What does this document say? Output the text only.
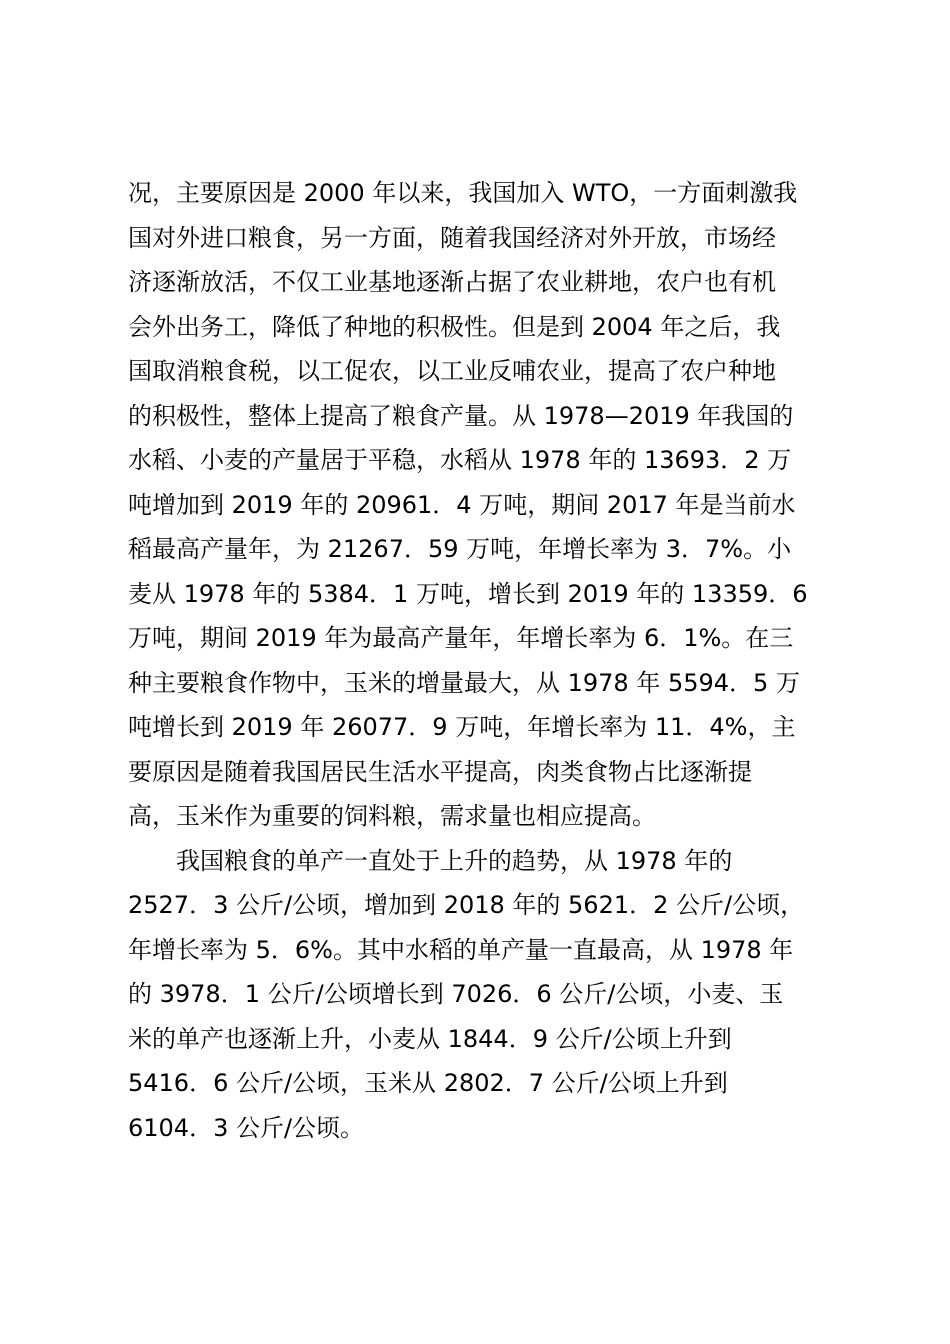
况，主要原因是 2000 年以来，我国加入 WTO，一方面刺激我
国对外进口粮食，另一方面，随着我国经济对外开放，市场经
济逐渐放活，不仅工业基地逐渐占据了农业耕地，农户也有机
会外出务工，降低了种地的积极性。但是到 2004 年之后，我
国取消粮食税，以工促农，以工业反哺农业，提高了农户种地
的积极性，整体上提高了粮食产量。从 1978—2019 年我国的
水稻、小麦的产量居于平稳，水稻从 1978 年的 13693．2 万
吨增加到 2019 年的 20961．4 万吨，期间 2017 年是当前水
稻最高产量年，为 21267．59 万吨，年增长率为 3．7%。小
麦从 1978 年的 5384．1 万吨，增长到 2019 年的 13359．6
万吨，期间 2019 年为最高产量年，年增长率为 6．1%。在三
种主要粮食作物中，玉米的增量最大，从 1978 年 5594．5 万
吨增长到 2019 年 26077．9 万吨，年增长率为 11．4%，主
要原因是随着我国居民生活水平提高，肉类食物占比逐渐提
高，玉米作为重要的饲料粮，需求量也相应提高。
我国粮食的单产一直处于上升的趋势，从 1978 年的
2527．3 公斤/公顷，增加到 2018 年的 5621．2 公斤/公顷，
年增长率为 5．6%。其中水稻的单产量一直最高，从 1978 年
的 3978．1 公斤/公顷增长到 7026．6 公斤/公顷，小麦、玉
米的单产也逐渐上升，小麦从 1844．9 公斤/公顷上升到
5416．6 公斤/公顷，玉米从 2802．7 公斤/公顷上升到
6104．3 公斤/公顷。
